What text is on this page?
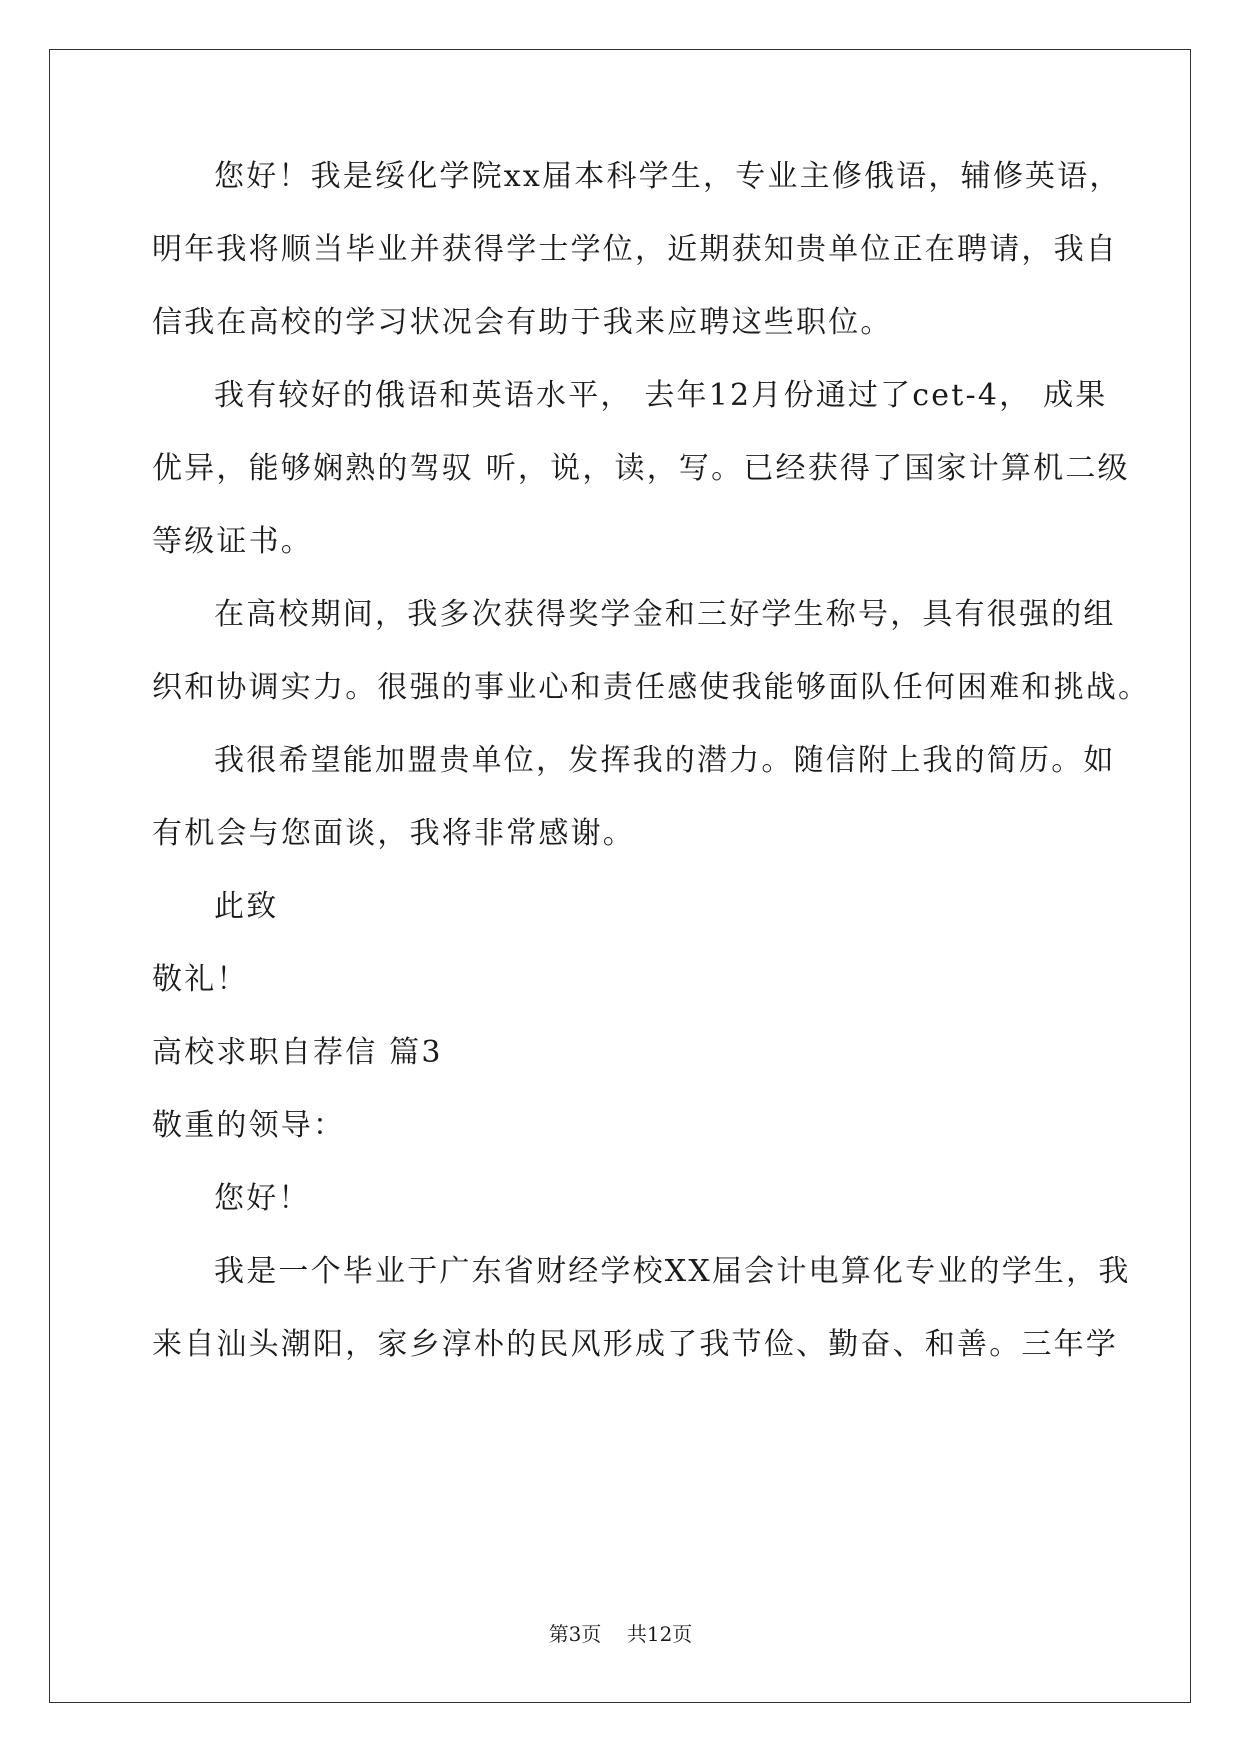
您好！我是绥化学院xx届本科学生，专业主修俄语，辅修英语，
明年我将顺当毕业并获得学士学位，近期获知贵单位正在聘请，我自
信我在高校的学习状况会有助于我来应聘这些职位。
我有较好的俄语和英语水平， 去年12月份通过了cet-4， 成果
优异，能够娴熟的驾驭 听，说，读，写。已经获得了国家计算机二级
等级证书。
在高校期间，我多次获得奖学金和三好学生称号，具有很强的组
织和协调实力。很强的事业心和责任感使我能够面队任何困难和挑战。
我很希望能加盟贵单位，发挥我的潜力。随信附上我的简历。如
有机会与您面谈，我将非常感谢。
此致
敬礼！
高校求职自荐信 篇3
敬重的领导：
您好！
我是一个毕业于广东省财经学校XX届会计电算化专业的学生，我
来自汕头潮阳，家乡淳朴的民风形成了我节俭、勤奋、和善。三年学
第3页    共12页
